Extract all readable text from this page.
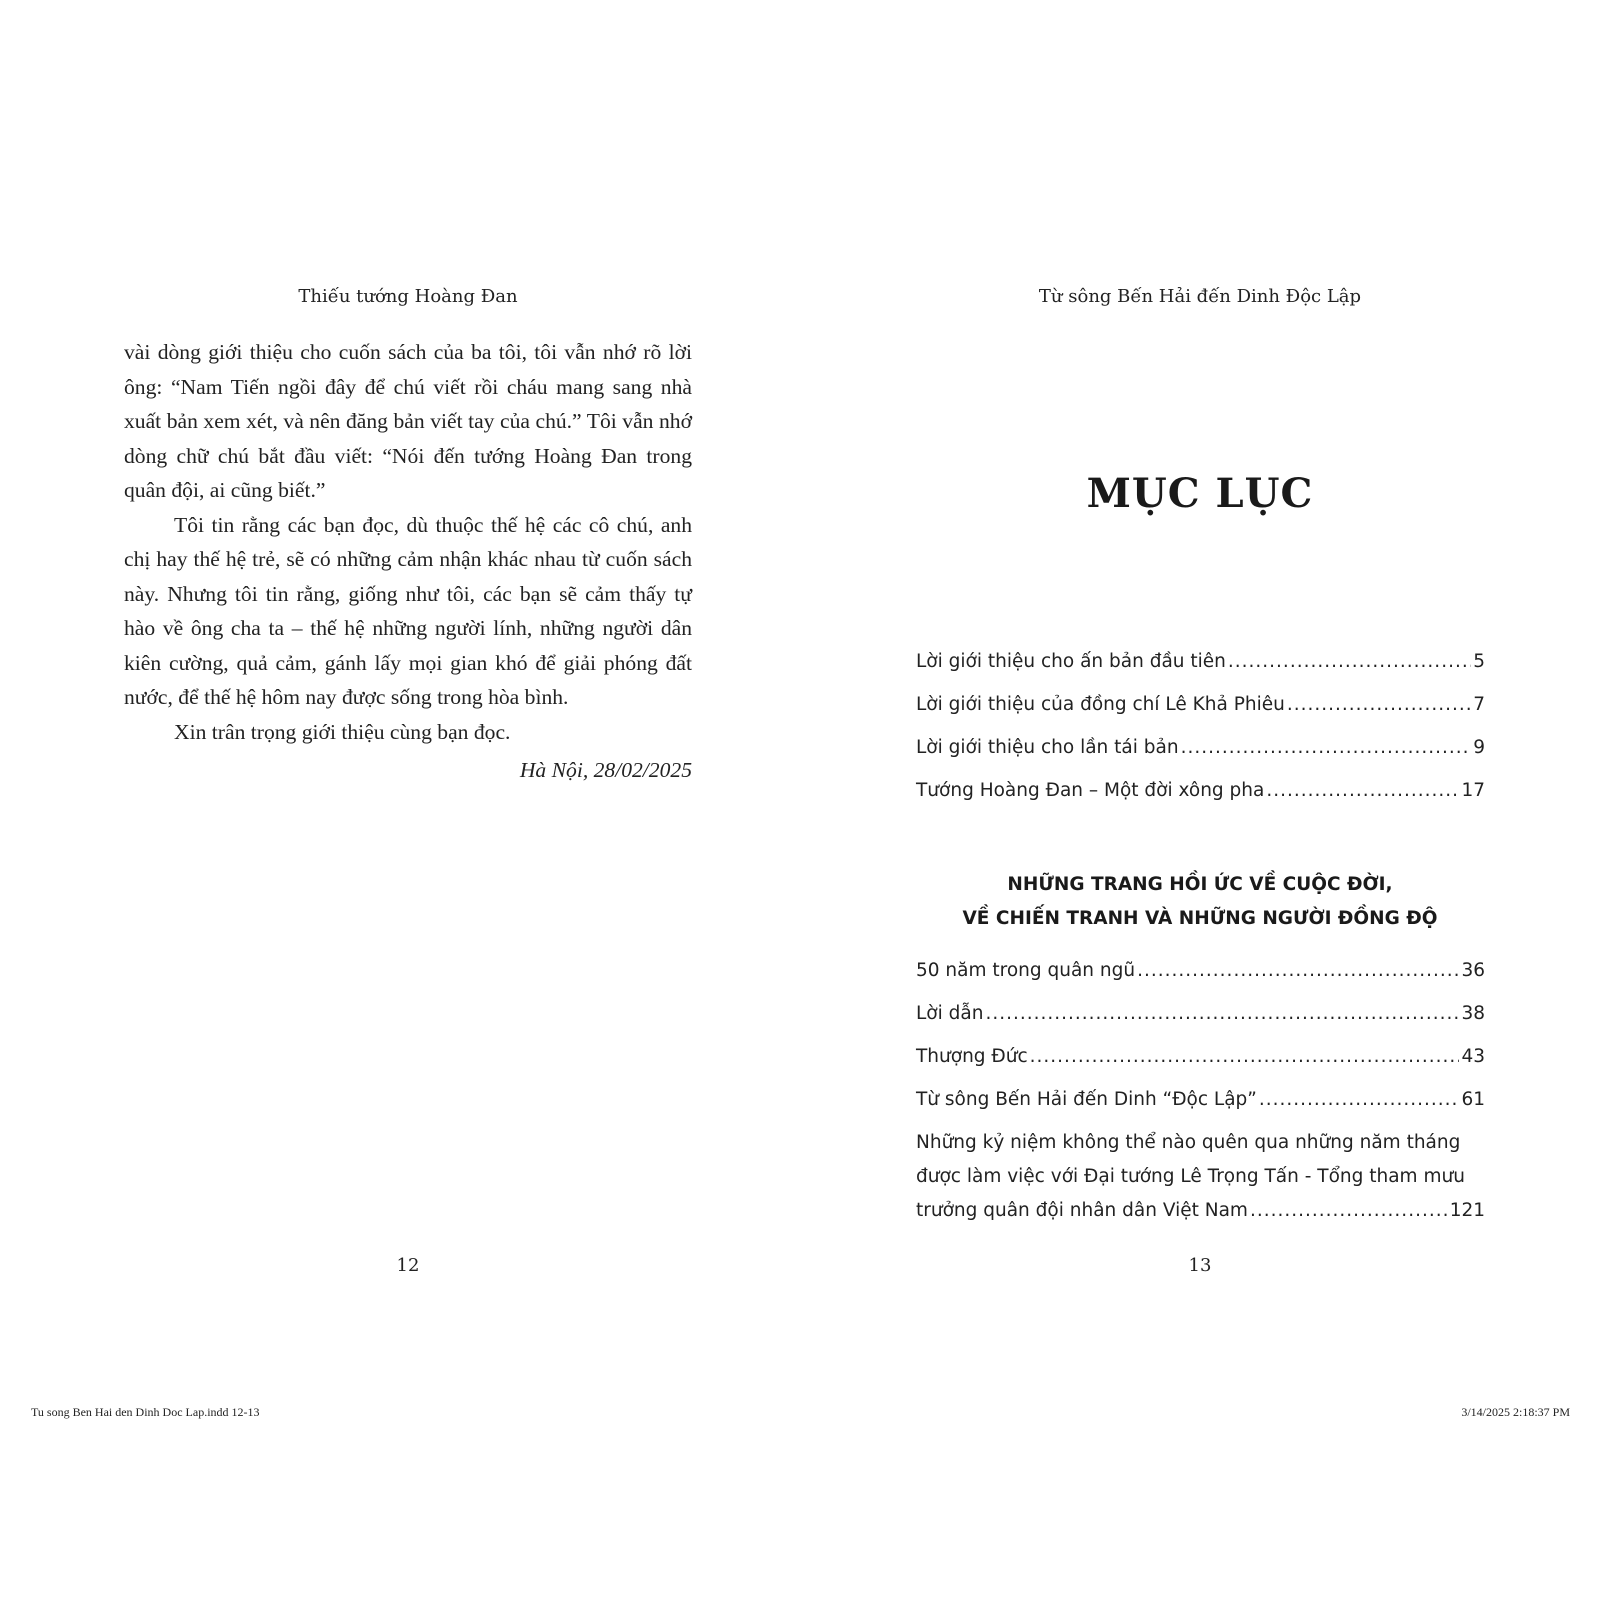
Thiếu tướng Hoàng Đan

vài dòng giới thiệu cho cuốn sách của ba tôi, tôi vẫn nhớ rõ lời ông: “Nam Tiến ngồi đây để chú viết rồi cháu mang sang nhà xuất bản xem xét, và nên đăng bản viết tay của chú.” Tôi vẫn nhớ dòng chữ chú bắt đầu viết: “Nói đến tướng Hoàng Đan trong quân đội, ai cũng biết.”

Tôi tin rằng các bạn đọc, dù thuộc thế hệ các cô chú, anh chị hay thế hệ trẻ, sẽ có những cảm nhận khác nhau từ cuốn sách này. Nhưng tôi tin rằng, giống như tôi, các bạn sẽ cảm thấy tự hào về ông cha ta – thế hệ những người lính, những người dân kiên cường, quả cảm, gánh lấy mọi gian khó để giải phóng đất nước, để thế hệ hôm nay được sống trong hòa bình.

Xin trân trọng giới thiệu cùng bạn đọc.

Hà Nội, 28/02/2025

12
Từ sông Bến Hải đến Dinh Độc Lập
MỤC LỤC
Lời giới thiệu cho ấn bản đầu tiên .....	5
Lời giới thiệu của đồng chí Lê Khả Phiêu .....	7
Lời giới thiệu cho lần tái bản .....	9
Tướng Hoàng Đan – Một đời xông pha .....	17
NHỮNG TRANG HỒI ỨC VỀ CUỘC ĐỜI,
VỀ CHIẾN TRANH VÀ NHỮNG NGƯỜI ĐỒNG ĐỘ
50 năm trong quân ngũ .....	36
Lời dẫn .....	38
Thượng Đức .....	43
Từ sông Bến Hải đến Dinh “Độc Lập” .....	61
Những kỷ niệm không thể nào quên qua những năm tháng
được làm việc với Đại tướng Lê Trọng Tấn - Tổng tham mưu
trưởng quân đội nhân dân Việt Nam .....	121
13
Tu song Ben Hai den Dinh Doc Lap.indd 12-13	3/14/2025 2:18:37 PM
